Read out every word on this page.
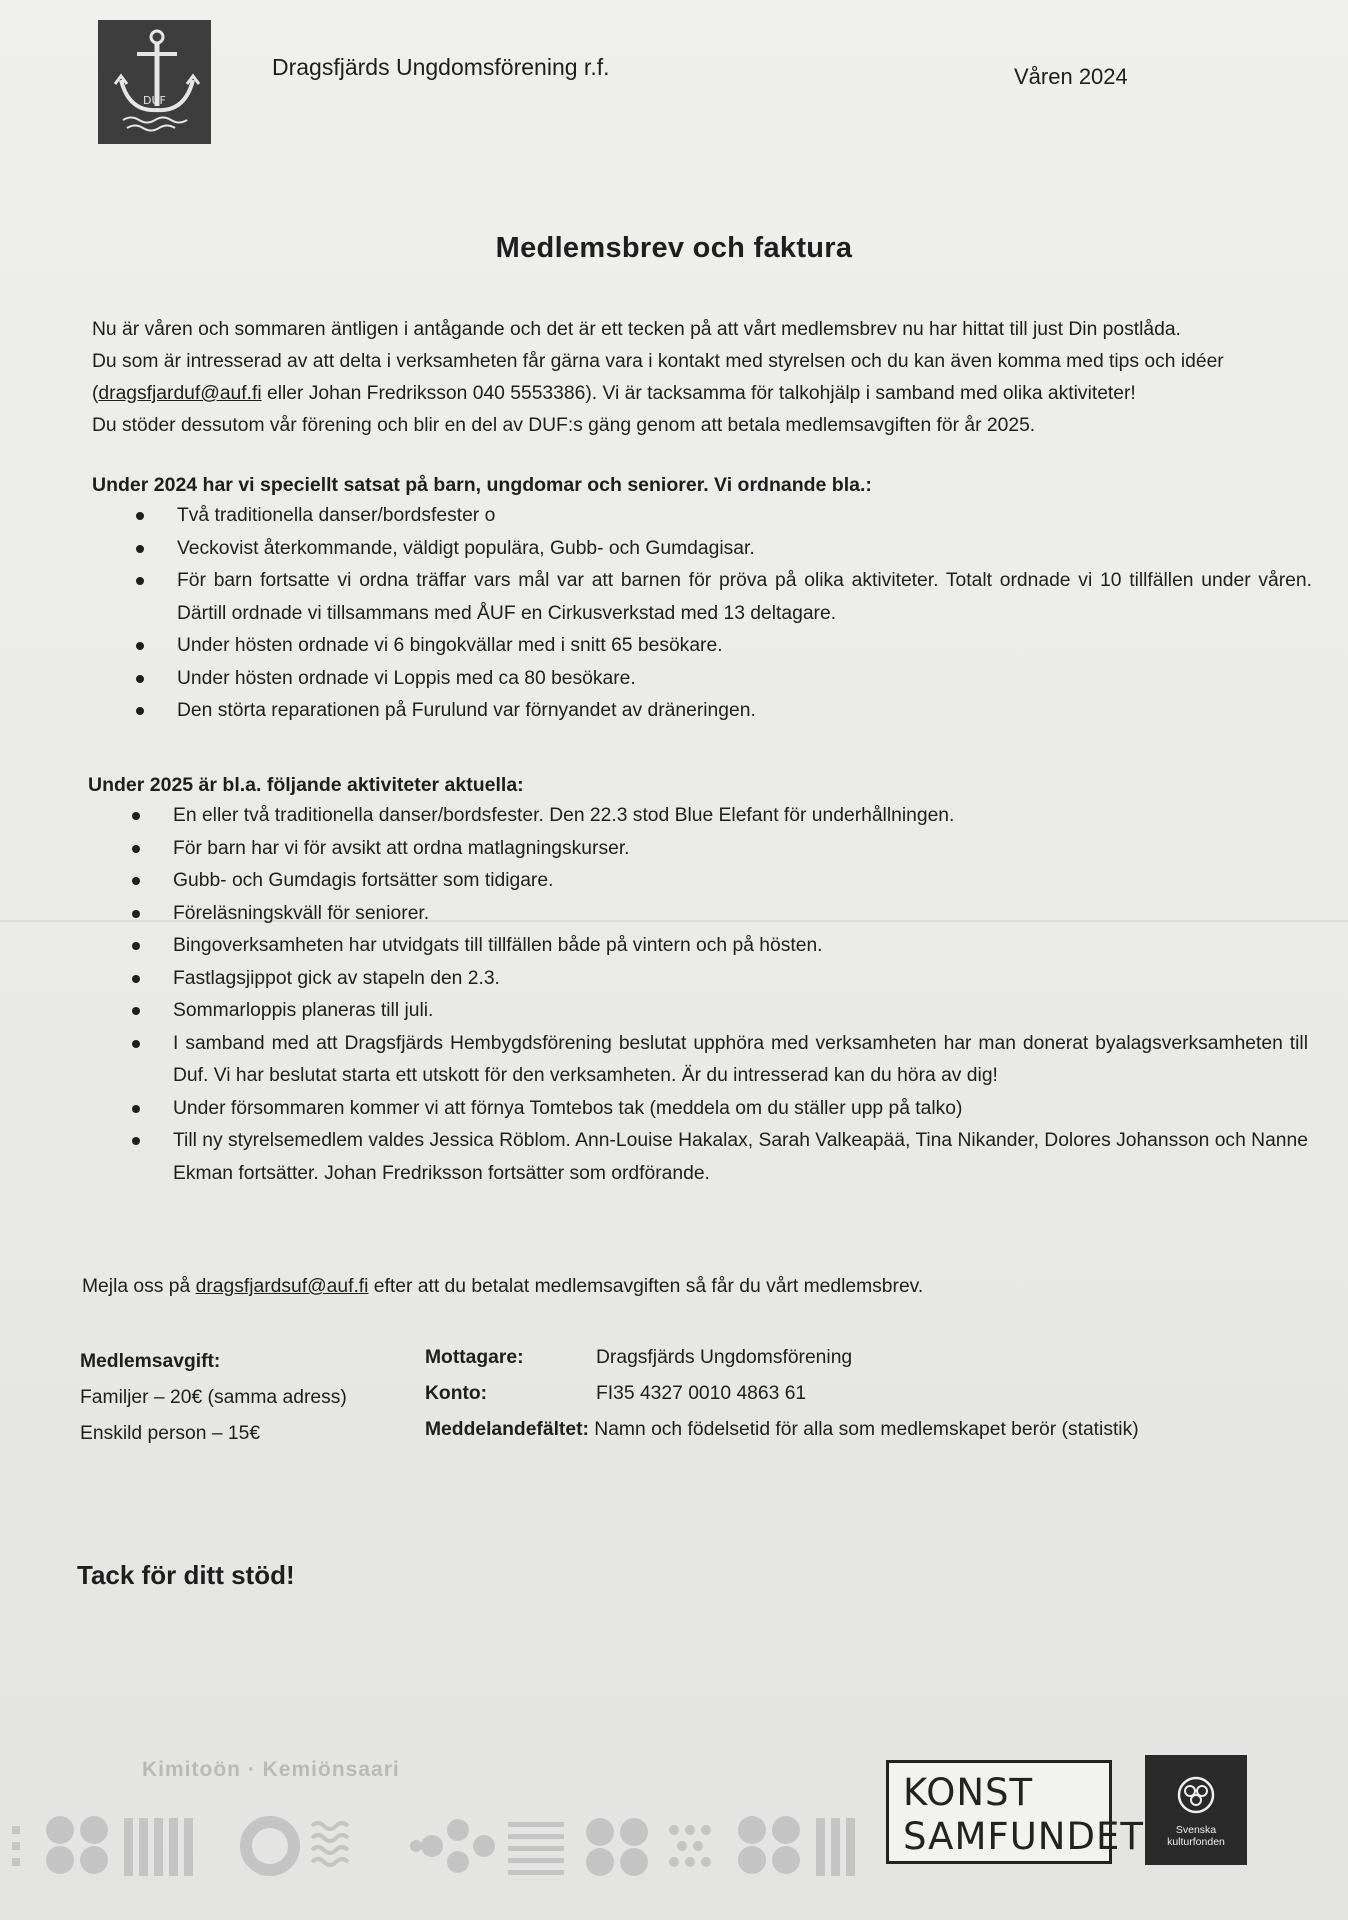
DUF
Dragsfjärds Ungdomsförening r.f.	Våren 2024
Medlemsbrev och faktura

Nu är våren och sommaren äntligen i antågande och det är ett tecken på att vårt medlemsbrev nu har hittat till just Din postlåda.

Du som är intresserad av att delta i verksamheten får gärna vara i kontakt med styrelsen och du kan även komma med tips och idéer (dragsfjarduf@auf.fi eller Johan Fredriksson 040 5553386). Vi är tacksamma för talkohjälp i samband med olika aktiviteter!

Du stöder dessutom vår förening och blir en del av DUF:s gäng genom att betala medlemsavgiften för år 2025.

Under 2024 har vi speciellt satsat på barn, ungdomar och seniorer. Vi ordnande bla.:

Två traditionella danser/bordsfester o
Veckovist återkommande, väldigt populära, Gubb- och Gumdagisar.
För barn fortsatte vi ordna träffar vars mål var att barnen för pröva på olika aktiviteter. Totalt ordnade vi 10 tillfällen under våren. Därtill ordnade vi tillsammans med ÅUF en Cirkusverkstad med 13 deltagare.
Under hösten ordnade vi 6 bingokvällar med i snitt 65 besökare.
Under hösten ordnade vi Loppis med ca 80 besökare.
Den störta reparationen på Furulund var förnyandet av dräneringen.

Under 2025 är bl.a. följande aktiviteter aktuella:

En eller två traditionella danser/bordsfester. Den 22.3 stod Blue Elefant för underhållningen.
För barn har vi för avsikt att ordna matlagningskurser.
Gubb- och Gumdagis fortsätter som tidigare.
Föreläsningskväll för seniorer.
Bingoverksamheten har utvidgats till tillfällen både på vintern och på hösten.
Fastlagsjippot gick av stapeln den 2.3.
Sommarloppis planeras till juli.
I samband med att Dragsfjärds Hembygdsförening beslutat upphöra med verksamheten har man donerat byalagsverksamheten till Duf. Vi har beslutat starta ett utskott för den verksamheten. Är du intresserad kan du höra av dig!
Under försommaren kommer vi att förnya Tomtebos tak (meddela om du ställer upp på talko)
Till ny styrelsemedlem valdes Jessica Röblom. Ann-Louise Hakalax, Sarah Valkeapää, Tina Nikander, Dolores Johansson och Nanne Ekman fortsätter. Johan Fredriksson fortsätter som ordförande.
Mejla oss på dragsfjardsuf@auf.fi efter att du betalat medlemsavgiften så får du vårt medlemsbrev.
Medlemsavgift:
Familjer – 20€ (samma adress)
Enskild person – 15€
Mottagare:	Dragsfjärds Ungdomsförening
Konto:	FI35 4327 0010 4863 61
Meddelandefältet: Namn och födelsetid för alla som medlemskapet berör (statistik)
Tack för ditt stöd!
Kimitoön · Kemiönsaari
KONST
SAMFUNDET	Svenska
kulturfonden
